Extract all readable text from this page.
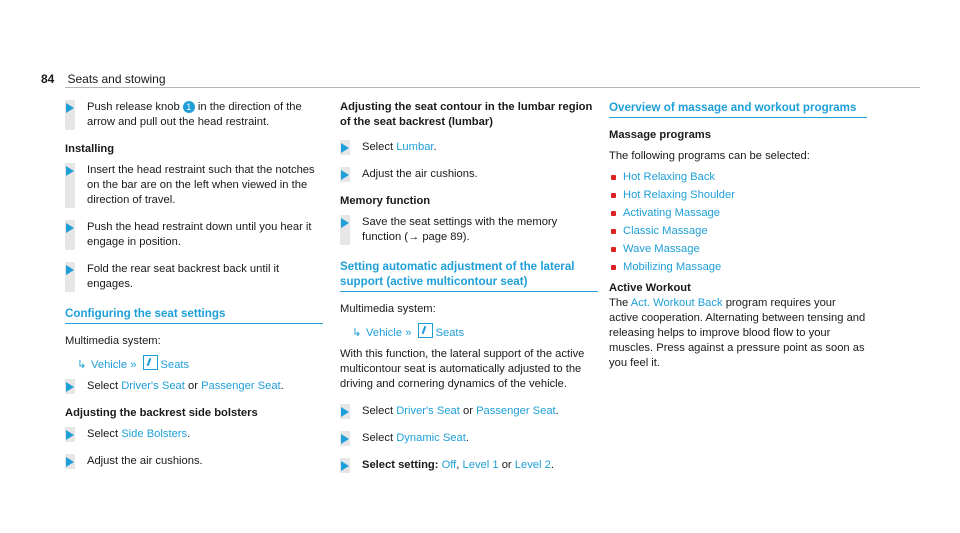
84 Seats and stowing
Push release knob 1 in the direction of the arrow and pull out the head restraint.
Installing
Insert the head restraint such that the notches on the bar are on the left when viewed in the direction of travel.
Push the head restraint down until you hear it engage in position.
Fold the rear seat backrest back until it engages.
Configuring the seat settings
Multimedia system:
↳ Vehicle » Seats
Select Driver's Seat or Passenger Seat.
Adjusting the backrest side bolsters
Select Side Bolsters.
Adjust the air cushions.
Adjusting the seat contour in the lumbar region of the seat backrest (lumbar)
Select Lumbar.
Adjust the air cushions.
Memory function
Save the seat settings with the memory function (→ page 89).
Setting automatic adjustment of the lateral support (active multicontour seat)
Multimedia system:
↳ Vehicle » Seats
With this function, the lateral support of the active multicontour seat is automatically adjusted to the driving and cornering dynamics of the vehicle.
Select Driver's Seat or Passenger Seat.
Select Dynamic Seat.
Select setting: Off, Level 1 or Level 2.
Overview of massage and workout programs
Massage programs
The following programs can be selected:
Hot Relaxing Back
Hot Relaxing Shoulder
Activating Massage
Classic Massage
Wave Massage
Mobilizing Massage
Active Workout
The Act. Workout Back program requires your active cooperation. Alternating between tensing and releasing helps to improve blood flow to your muscles. Press against a pressure point as soon as you feel it.
